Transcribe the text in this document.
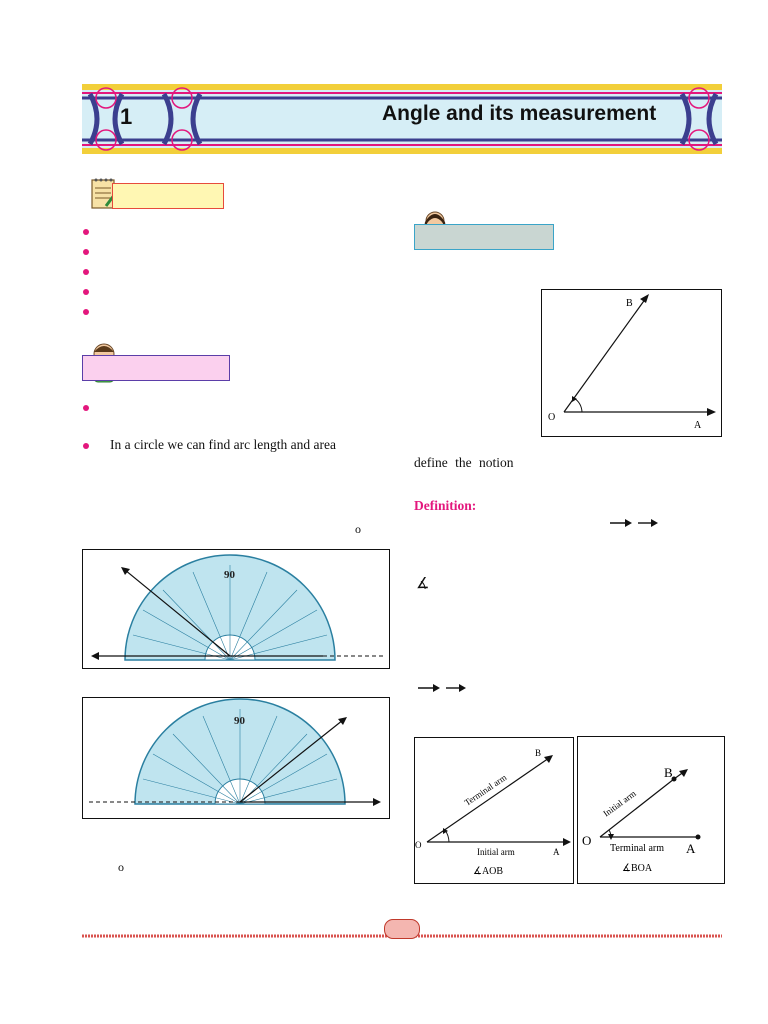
1	Angle and its measurement
In a circle we can find arc length and area
o
90
90
o
B
O
A
define the notion
Definition:
∡
Terminal arm
Initial arm
B
O
A
∡AOB
Initial arm
Terminal arm
B
O
A
∡BOA
